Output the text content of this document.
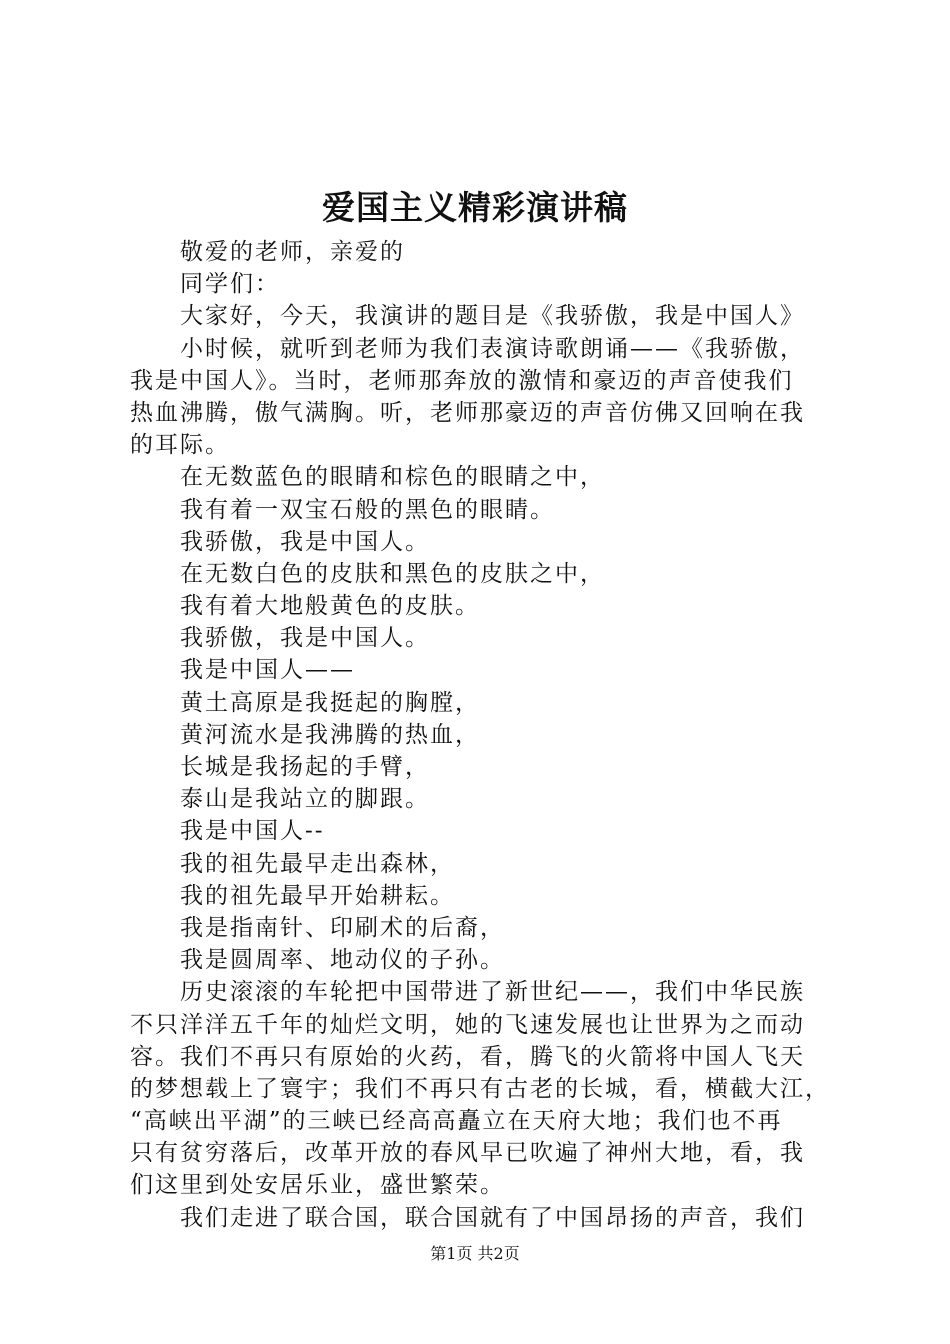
爱国主义精彩演讲稿
敬爱的老师，亲爱的
同学们：
大家好，今天，我演讲的题目是《我骄傲，我是中国人》
小时候，就听到老师为我们表演诗歌朗诵——《我骄傲，
我是中国人》。当时，老师那奔放的激情和豪迈的声音使我们
热血沸腾，傲气满胸。听，老师那豪迈的声音仿佛又回响在我
的耳际。
在无数蓝色的眼睛和棕色的眼睛之中，
我有着一双宝石般的黑色的眼睛。
我骄傲，我是中国人。
在无数白色的皮肤和黑色的皮肤之中，
我有着大地般黄色的皮肤。
我骄傲，我是中国人。
我是中国人——
黄土高原是我挺起的胸膛，
黄河流水是我沸腾的热血，
长城是我扬起的手臂，
泰山是我站立的脚跟。
我是中国人--
我的祖先最早走出森林，
我的祖先最早开始耕耘。
我是指南针、印刷术的后裔，
我是圆周率、地动仪的子孙。
历史滚滚的车轮把中国带进了新世纪——，我们中华民族
不只洋洋五千年的灿烂文明，她的飞速发展也让世界为之而动
容。我们不再只有原始的火药，看，腾飞的火箭将中国人飞天
的梦想载上了寰宇；我们不再只有古老的长城，看，横截大江，
“高峡出平湖”的三峡已经高高矗立在天府大地；我们也不再
只有贫穷落后，改革开放的春风早已吹遍了神州大地，看，我
们这里到处安居乐业，盛世繁荣。
我们走进了联合国，联合国就有了中国昂扬的声音，我们
第1页 共2页
